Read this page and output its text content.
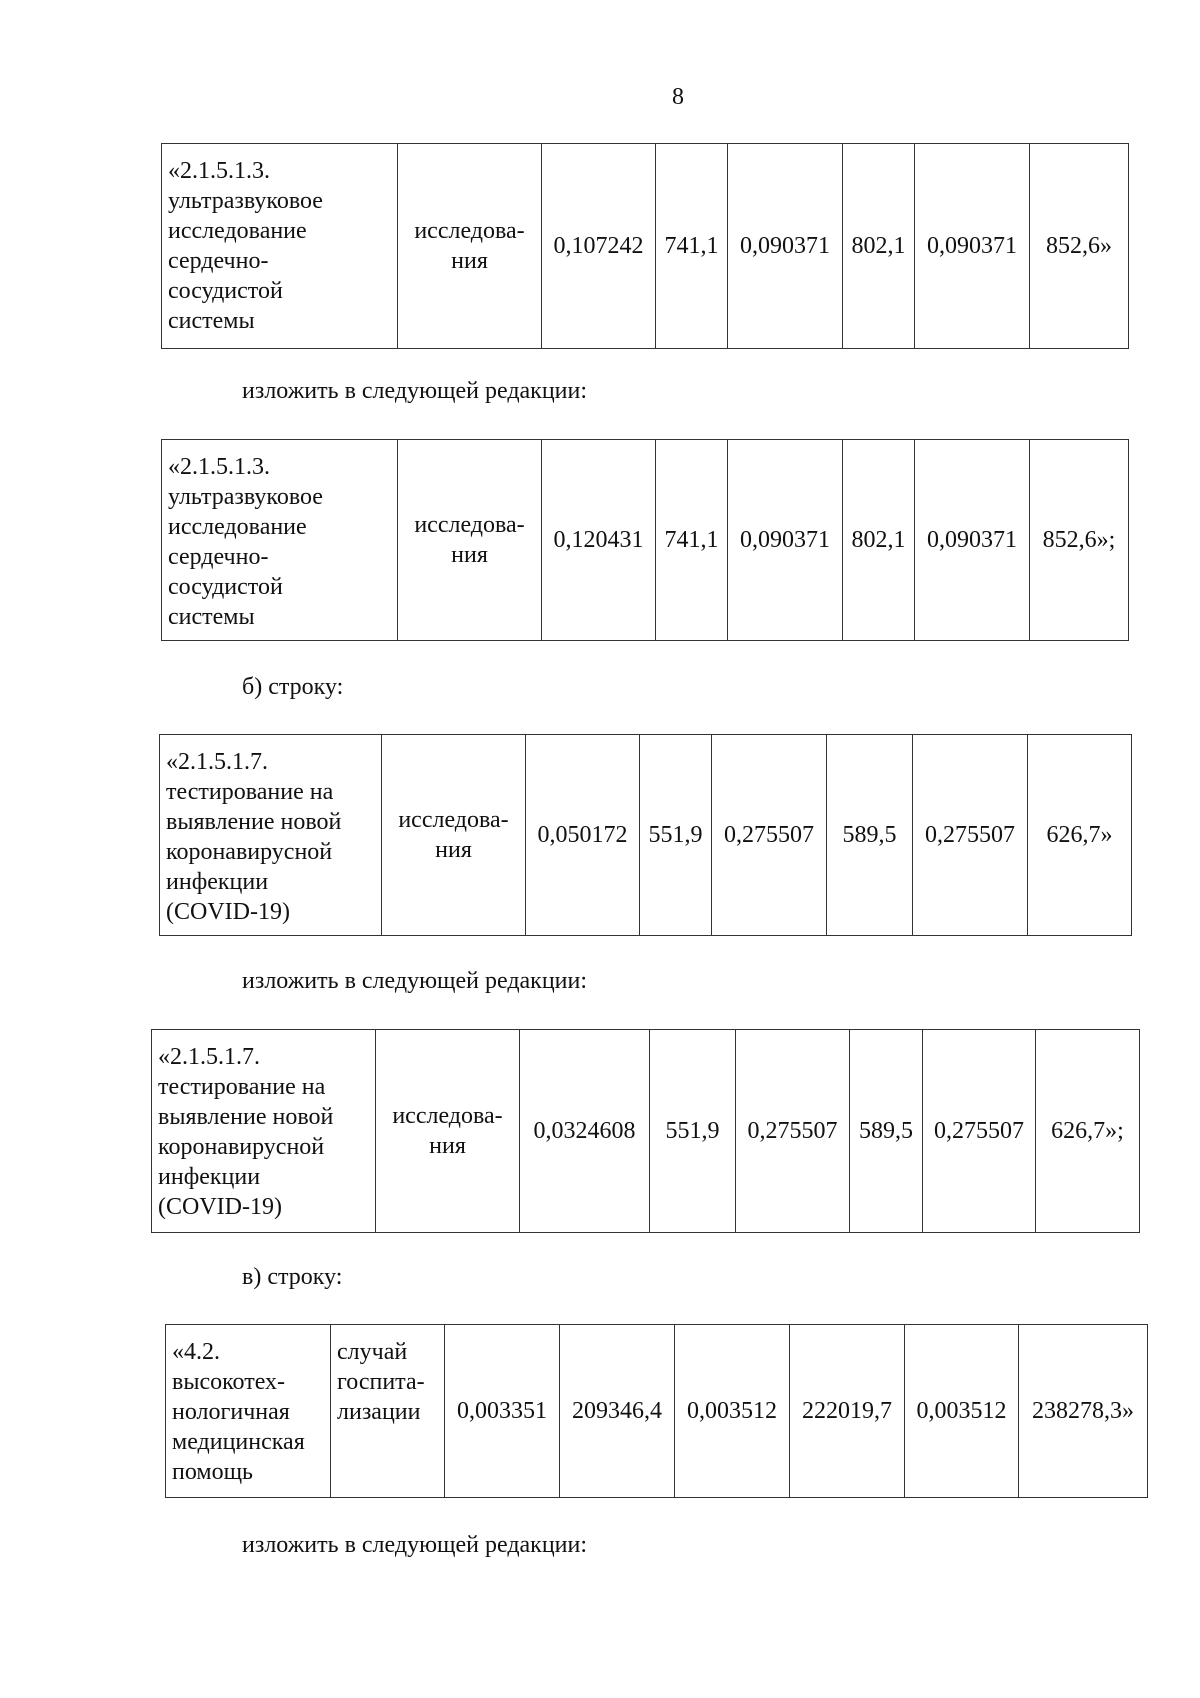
8
«2.1.5.1.3.
ультразвуковое
исследование
сердечно-
сосудистой
системы	исследова-
ния	0,107242	741,1	0,090371	802,1	0,090371	852,6»
изложить в следующей редакции:
«2.1.5.1.3.
ультразвуковое
исследование
сердечно-
сосудистой
системы	исследова-
ния	0,120431	741,1	0,090371	802,1	0,090371	852,6»;
б) строку:
«2.1.5.1.7.
тестирование на
выявление новой
коронавирусной
инфекции
(COVID-19)	исследова-
ния	0,050172	551,9	0,275507	589,5	0,275507	626,7»
изложить в следующей редакции:
«2.1.5.1.7.
тестирование на
выявление новой
коронавирусной
инфекции
(COVID-19)	исследова-
ния	0,0324608	551,9	0,275507	589,5	0,275507	626,7»;
в) строку:
«4.2.
высокотех-
нологичная
медицинская
помощь	случай
госпита-
лизации	0,003351	209346,4	0,003512	222019,7	0,003512	238278,3»
изложить в следующей редакции:
